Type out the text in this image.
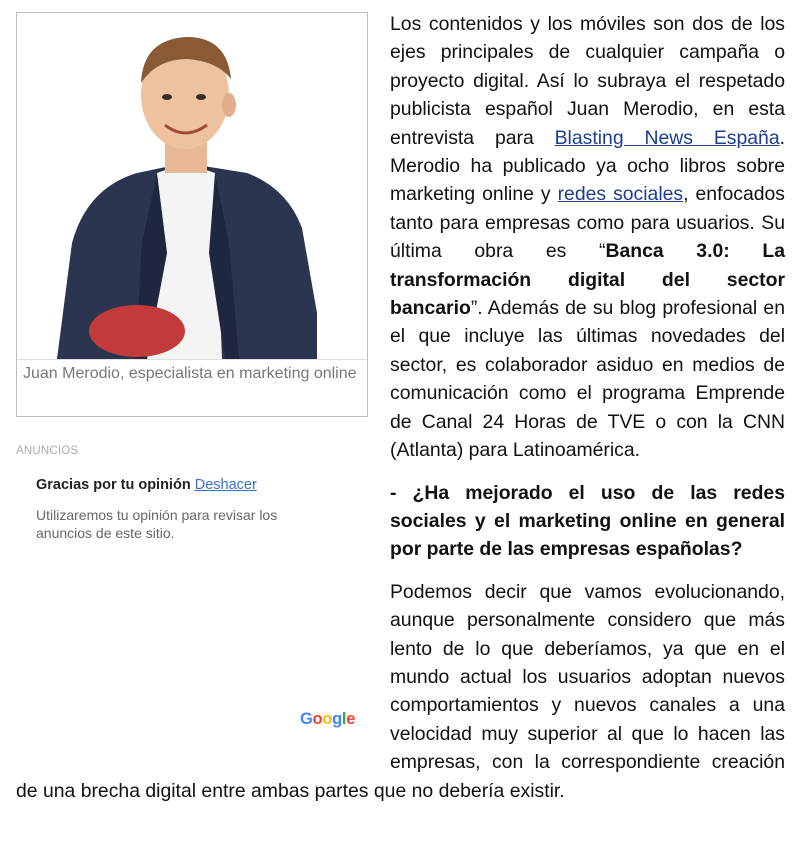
Juan Merodio, especialista en marketing online
ANUNCIOS
Gracias por tu opinión Deshacer
Utilizaremos tu opinión para revisar los anuncios de este sitio.
Google

Los contenidos y los móviles son dos de los ejes principales de cualquier campaña o proyecto digital. Así lo subraya el respetado publicista español Juan Merodio, en esta entrevista para Blasting News España. Merodio ha publicado ya ocho libros sobre marketing online y redes sociales, enfocados tanto para empresas como para usuarios. Su última obra es “Banca 3.0: La transformación digital del sector bancario”. Además de su blog profesional en el que incluye las últimas novedades del sector, es colaborador asiduo en medios de comunicación como el programa Emprende de Canal 24 Horas de TVE o con la CNN (Atlanta) para Latinoamérica.

- ¿Ha mejorado el uso de las redes sociales y el marketing online en general por parte de las empresas españolas?

Podemos decir que vamos evolucionando, aunque personalmente considero que más lento de lo que deberíamos, ya que en el mundo actual los usuarios adoptan nuevos comportamientos y nuevos canales a una velocidad muy superior al que lo hacen las empresas, con la correspondiente creación de una brecha digital entre ambas partes que no debería existir.
